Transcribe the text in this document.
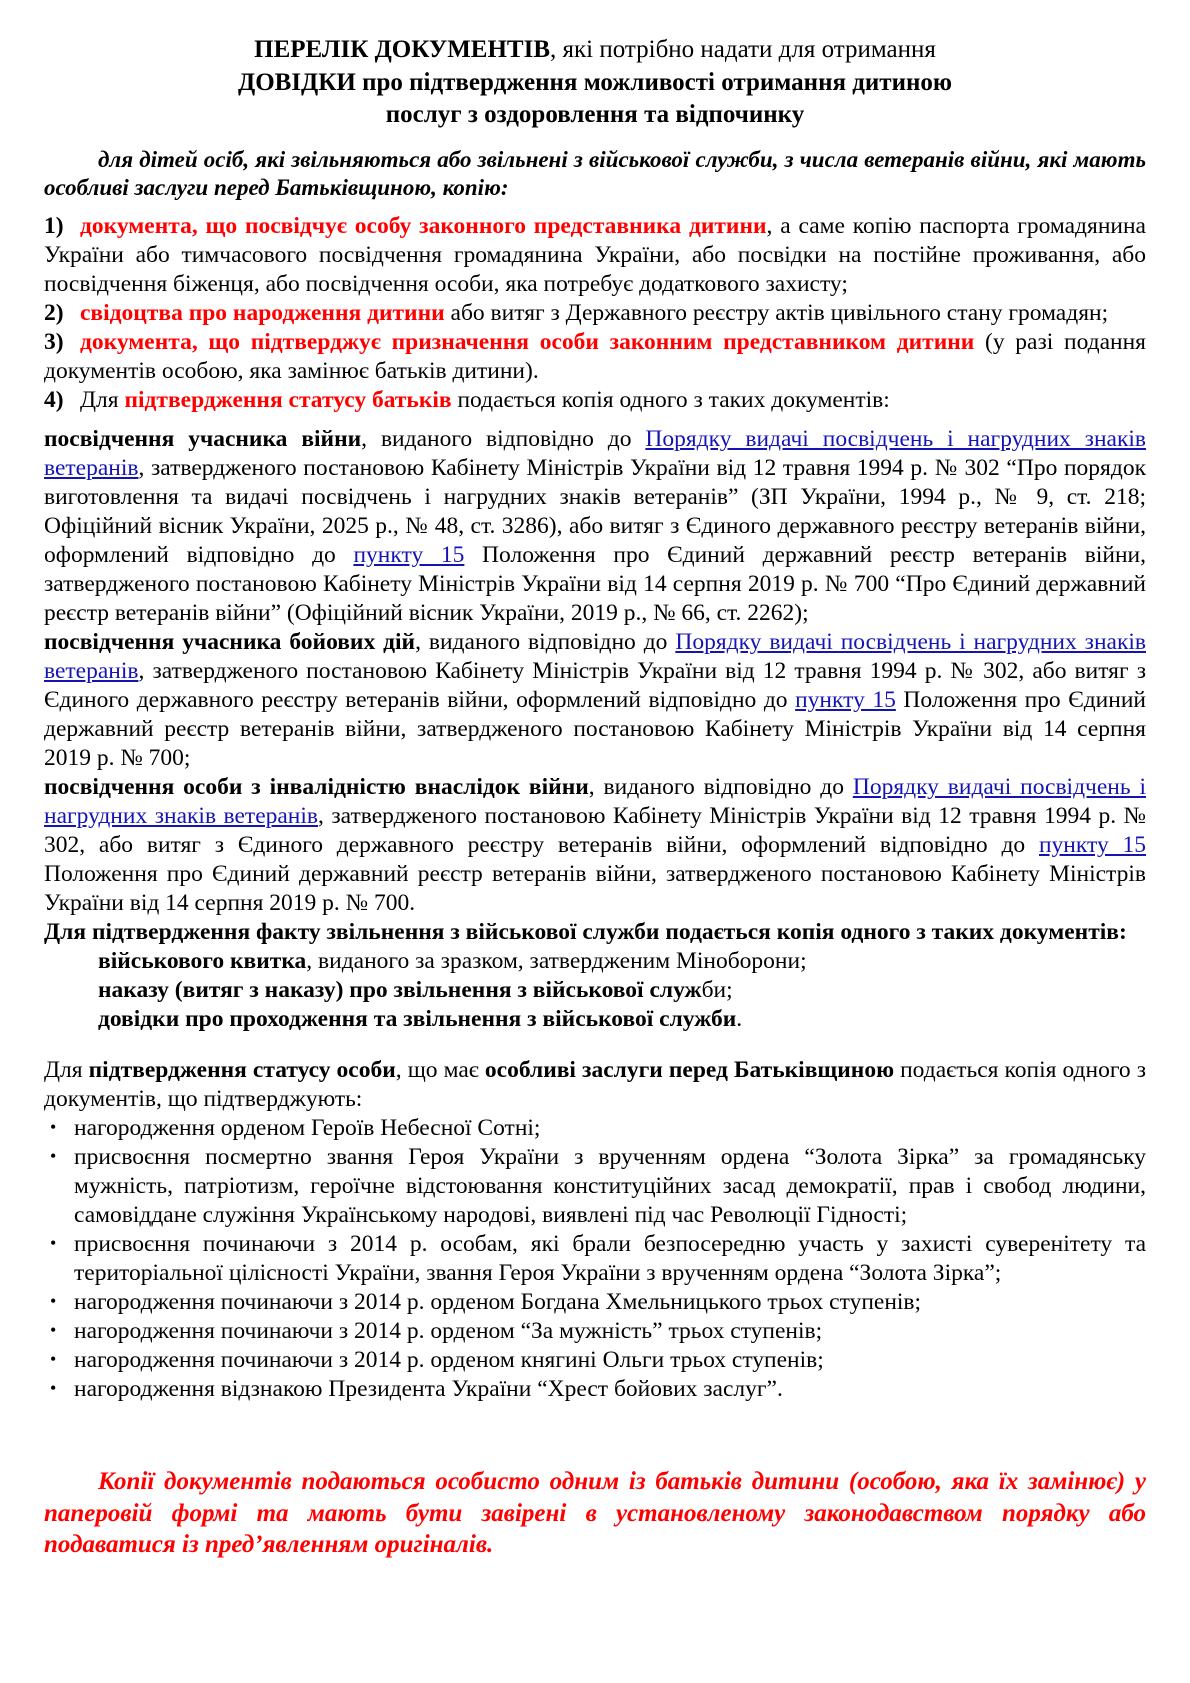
ПЕРЕЛІК ДОКУМЕНТІВ, які потрібно надати для отримання
ДОВІДКИ про підтвердження можливості отримання дитиною
послуг з оздоровлення та відпочинку

для дітей осіб, які звільняються або звільнені з військової служби, з числа ветеранів війни, які мають особливі заслуги перед Батьківщиною, копію:

1) документа, що посвідчує особу законного представника дитини, а саме копію паспорта громадянина України або тимчасового посвідчення громадянина України, або посвідки на постійне проживання, або посвідчення біженця, або посвідчення особи, яка потребує додаткового захисту;

2) свідоцтва про народження дитини або витяг з Державного реєстру актів цивільного стану громадян;

3) документа, що підтверджує призначення особи законним представником дитини (у разі подання документів особою, яка замінює батьків дитини).

4) Для підтвердження статусу батьків подається копія одного з таких документів:

посвідчення учасника війни, виданого відповідно до Порядку видачі посвідчень і нагрудних знаків ветеранів, затвердженого постановою Кабінету Міністрів України від 12 травня 1994 р. № 302 “Про порядок виготовлення та видачі посвідчень і нагрудних знаків ветеранів” (ЗП України, 1994 р., № 9, ст. 218; Офіційний вісник України, 2025 р., № 48, ст. 3286), або витяг з Єдиного державного реєстру ветеранів війни, оформлений відповідно до пункту 15 Положення про Єдиний державний реєстр ветеранів війни, затвердженого постановою Кабінету Міністрів України від 14 серпня 2019 р. № 700 “Про Єдиний державний реєстр ветеранів війни” (Офіційний вісник України, 2019 р., № 66, ст. 2262);

посвідчення учасника бойових дій, виданого відповідно до Порядку видачі посвідчень і нагрудних знаків ветеранів, затвердженого постановою Кабінету Міністрів України від 12 травня 1994 р. № 302, або витяг з Єдиного державного реєстру ветеранів війни, оформлений відповідно до пункту 15 Положення про Єдиний державний реєстр ветеранів війни, затвердженого постановою Кабінету Міністрів України від 14 серпня 2019 р. № 700;

посвідчення особи з інвалідністю внаслідок війни, виданого відповідно до Порядку видачі посвідчень і нагрудних знаків ветеранів, затвердженого постановою Кабінету Міністрів України від 12 травня 1994 р. № 302, або витяг з Єдиного державного реєстру ветеранів війни, оформлений відповідно до пункту 15 Положення про Єдиний державний реєстр ветеранів війни, затвердженого постановою Кабінету Міністрів України від 14 серпня 2019 р. № 700.

Для підтвердження факту звільнення з військової служби подається копія одного з таких документів:

військового квитка, виданого за зразком, затвердженим Міноборони;

наказу (витяг з наказу) про звільнення з військової служби;

довідки про проходження та звільнення з військової служби.

Для підтвердження статусу особи, що має особливі заслуги перед Батьківщиною подається копія одного з документів, що підтверджують:

• нагородження орденом Героїв Небесної Сотні;

• присвоєння посмертно звання Героя України з врученням ордена “Золота Зірка” за громадянську мужність, патріотизм, героїчне відстоювання конституційних засад демократії, прав і свобод людини, самовіддане служіння Українському народові, виявлені під час Революції Гідності;

• присвоєння починаючи з 2014 р. особам, які брали безпосередню участь у захисті суверенітету та територіальної цілісності України, звання Героя України з врученням ордена “Золота Зірка”;

• нагородження починаючи з 2014 р. орденом Богдана Хмельницького трьох ступенів;

• нагородження починаючи з 2014 р. орденом “За мужність” трьох ступенів;

• нагородження починаючи з 2014 р. орденом княгині Ольги трьох ступенів;

• нагородження відзнакою Президента України “Хрест бойових заслуг”.

Копії документів подаються особисто одним із батьків дитини (особою, яка їх замінює) у паперовій формі та мають бути завірені в установленому законодавством порядку або подаватися із пред’явленням оригіналів.
